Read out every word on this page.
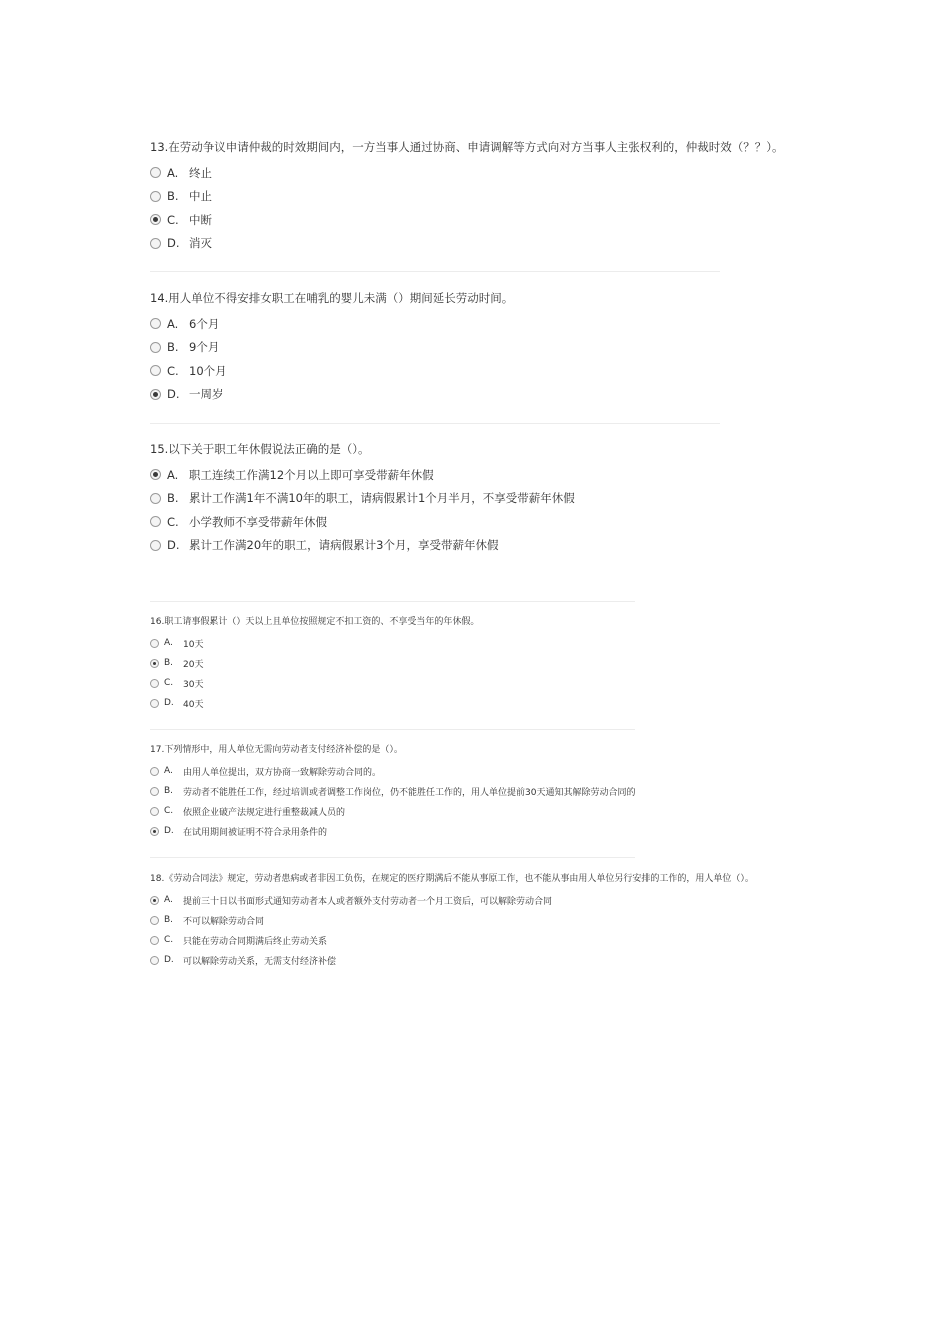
13.在劳动争议申请仲裁的时效期间内，一方当事人通过协商、申请调解等方式向对方当事人主张权利的，仲裁时效（？？）。

A. 终止
B. 中止
C. 中断
D. 消灭

14.用人单位不得安排女职工在哺乳的婴儿未满（）期间延长劳动时间。

A. 6个月
B. 9个月
C. 10个月
D. 一周岁

15.以下关于职工年休假说法正确的是（）。

A. 职工连续工作满12个月以上即可享受带薪年休假
B. 累计工作满1年不满10年的职工，请病假累计1个月半月，不享受带薪年休假
C. 小学教师不享受带薪年休假
D. 累计工作满20年的职工，请病假累计3个月，享受带薪年休假

16.职工请事假累计（）天以上且单位按照规定不扣工资的、不享受当年的年休假。

A.	10天
B.	20天
C.	30天
D.	40天

17.下列情形中，用人单位无需向劳动者支付经济补偿的是（）。

A.	由用人单位提出，双方协商一致解除劳动合同的。
B.	劳动者不能胜任工作，经过培训或者调整工作岗位，仍不能胜任工作的，用人单位提前30天通知其解除劳动合同的
C.	依照企业破产法规定进行重整裁减人员的
D.	在试用期间被证明不符合录用条件的

18.《劳动合同法》规定，劳动者患病或者非因工负伤，在规定的医疗期满后不能从事原工作，也不能从事由用人单位另行安排的工作的，用人单位（）。

A.	提前三十日以书面形式通知劳动者本人或者额外支付劳动者一个月工资后，可以解除劳动合同
B.	不可以解除劳动合同
C.	只能在劳动合同期满后终止劳动关系
D.	可以解除劳动关系，无需支付经济补偿
